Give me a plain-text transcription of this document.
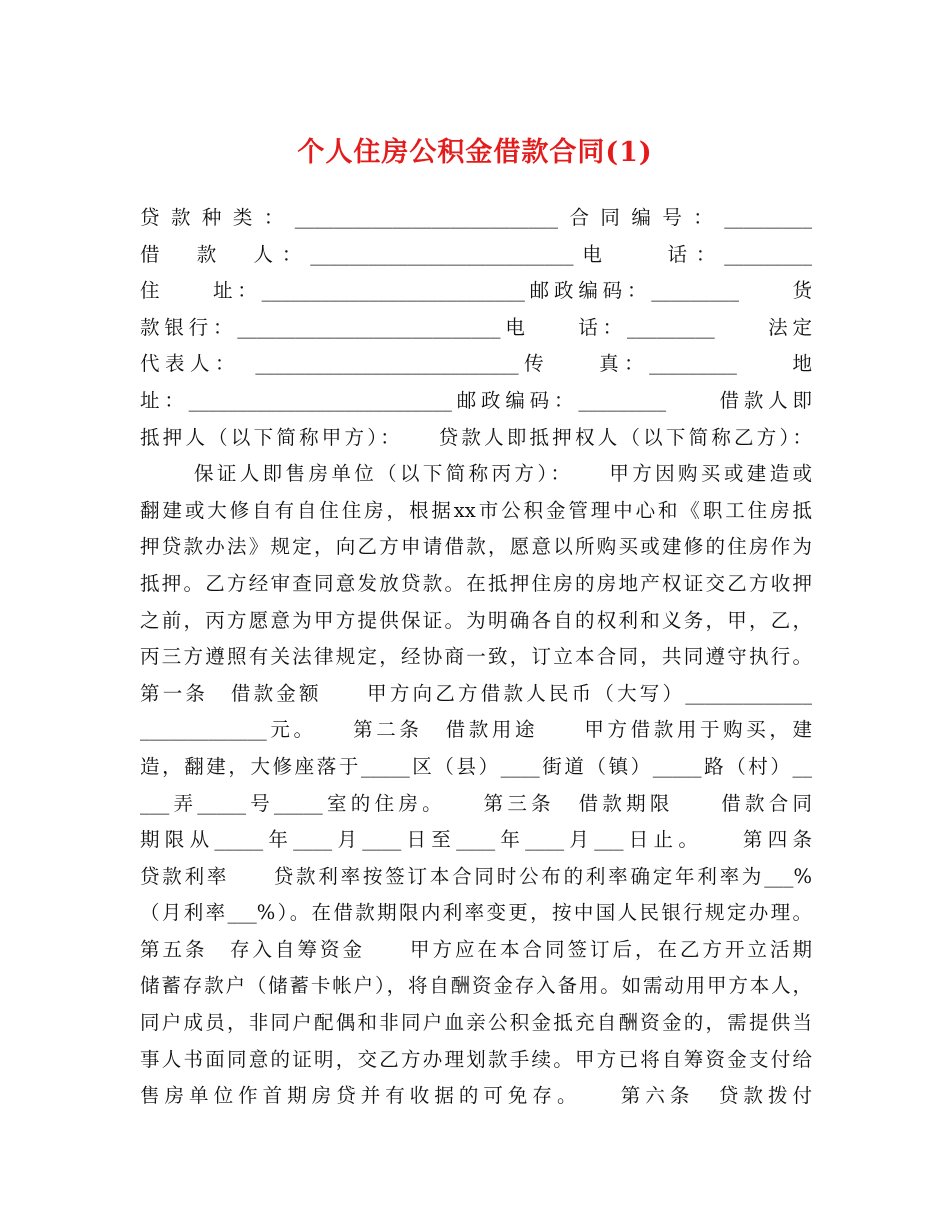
个人住房公积金借款合同(1)
贷款种类：___________________________合同编号：_________
借　款　人：___________________________电　　话：_________
住　　址：___________________________邮政编码：_________　　货
款银行：___________________________电　　话：_________　　法定
代表人：　___________________________传　　真：_________　　地
址：___________________________邮政编码：_________　　借款人即
抵押人（以下简称甲方）：　　贷款人即抵押权人（以下简称乙方）：
保证人即售房单位（以下简称丙方）：　　甲方因购买或建造或
翻建或大修自有自住住房，根据xx市公积金管理中心和《职工住房抵
押贷款办法》规定，向乙方申请借款，愿意以所购买或建修的住房作为
抵押。乙方经审查同意发放贷款。在抵押住房的房地产权证交乙方收押
之前，丙方愿意为甲方提供保证。为明确各自的权利和义务，甲，乙，
丙三方遵照有关法律规定，经协商一致，订立本合同，共同遵守执行。
第一条　借款金额　　甲方向乙方借款人民币（大写）_____________
_____________元。　　第二条　借款用途　　甲方借款用于购买，建
造，翻建，大修座落于_____区（县）____街道（镇）_____路（村）__
___弄_____号_____室的住房。　　第三条　借款期限　　借款合同
期限从_____年____月____日至____年____月___日止。　　第四条
贷款利率　　贷款利率按签订本合同时公布的利率确定年利率为___%
（月利率___%）。在借款期限内利率变更，按中国人民银行规定办理。
第五条　存入自筹资金　　甲方应在本合同签订后，在乙方开立活期
储蓄存款户（储蓄卡帐户），将自酬资金存入备用。如需动用甲方本人，
同户成员，非同户配偶和非同户血亲公积金抵充自酬资金的，需提供当
事人书面同意的证明，交乙方办理划款手续。甲方已将自筹资金支付给
售房单位作首期房贷并有收据的可免存。　　第六条　贷款拨付
